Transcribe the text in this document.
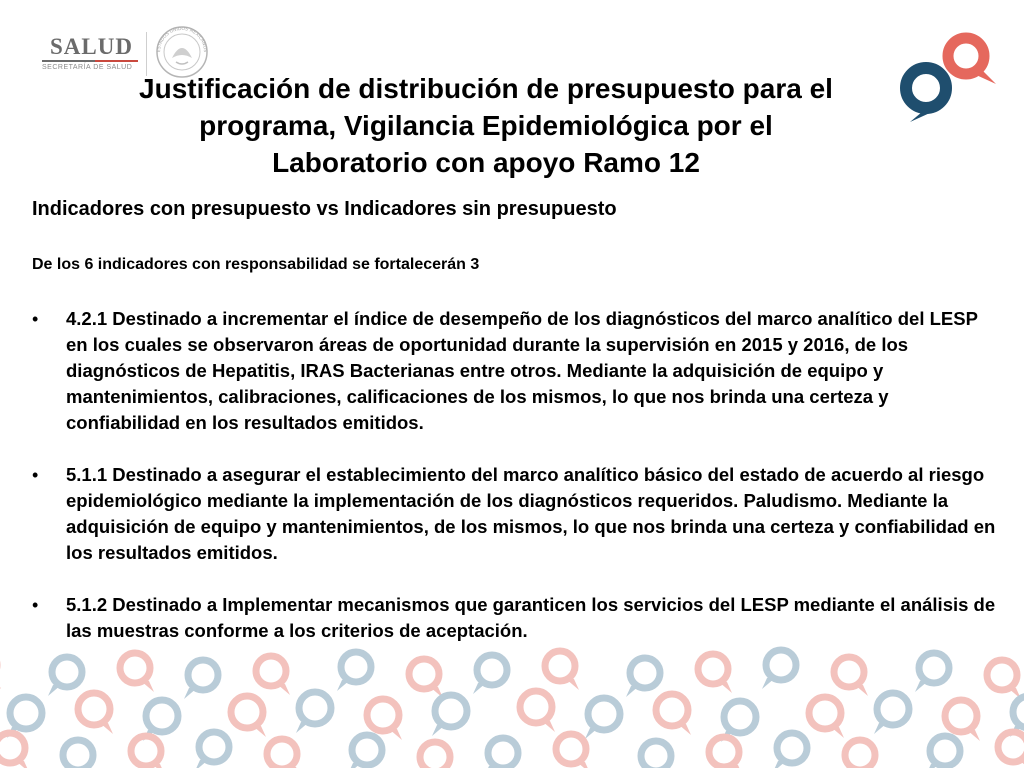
SALUD
SECRETARÍA DE SALUD
ESTADOS UNIDOS MEXICANOS
Justificación de distribución de presupuesto para el
programa, Vigilancia Epidemiológica por el
Laboratorio con apoyo Ramo 12
Indicadores con presupuesto vs Indicadores sin presupuesto
De los 6 indicadores con responsabilidad se fortalecerán 3
• 4.2.1 Destinado a incrementar el índice de desempeño de los diagnósticos del marco analítico del LESP en los cuales se observaron áreas de oportunidad durante la supervisión en 2015 y 2016, de los diagnósticos de Hepatitis, IRAS Bacterianas entre otros. Mediante la adquisición de equipo y mantenimientos, calibraciones, calificaciones de los mismos, lo que nos brinda una certeza y confiabilidad en los resultados emitidos.
• 5.1.1 Destinado a asegurar el establecimiento del marco analítico básico del estado de acuerdo al riesgo epidemiológico mediante la implementación de los diagnósticos requeridos. Paludismo. Mediante la adquisición de equipo y mantenimientos, de los mismos, lo que nos brinda una certeza y confiabilidad en los resultados emitidos.
• 5.1.2 Destinado a Implementar mecanismos que garanticen los servicios del LESP mediante el análisis de las muestras conforme a los criterios de aceptación.
